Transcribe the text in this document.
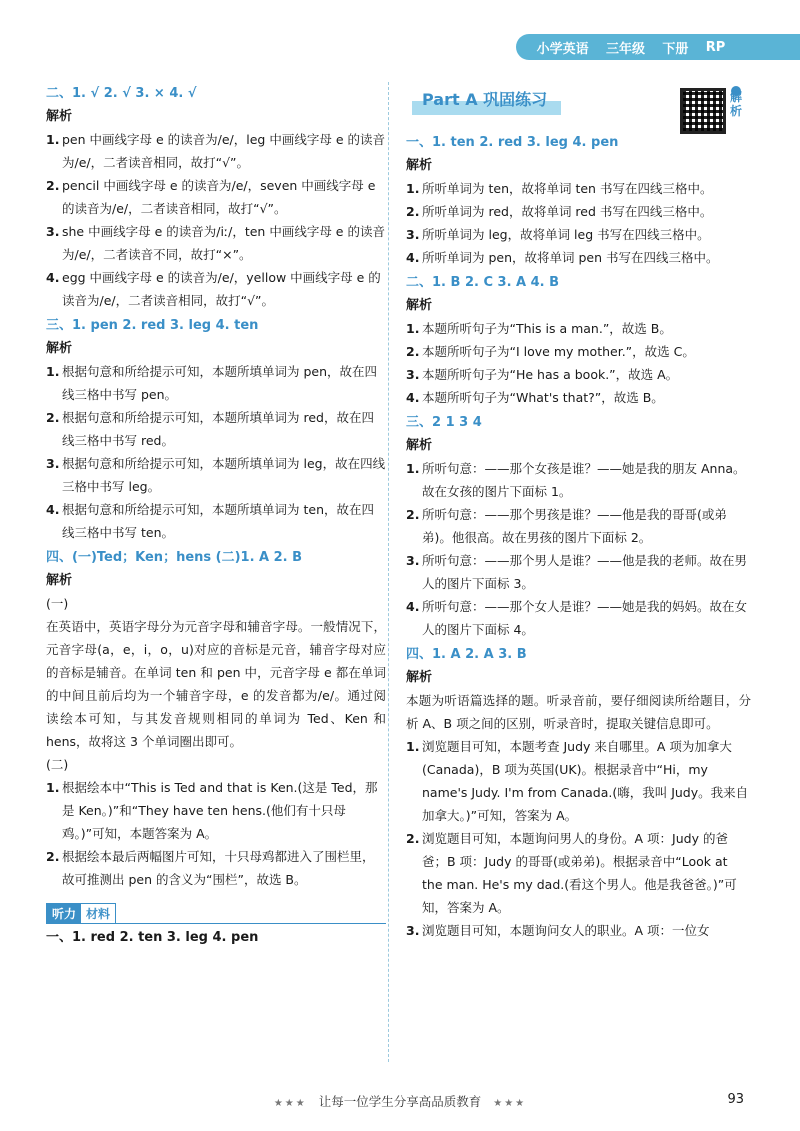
小学英语 三年级 下册 RP
二、1. √ 2. √ 3. × 4. √
解析
1. pen 中画线字母 e 的读音为/e/，leg 中画线字母 e 的读音为/e/，二者读音相同，故打“√”。
2. pencil 中画线字母 e 的读音为/e/，seven 中画线字母 e 的读音为/e/，二者读音相同，故打“√”。
3. she 中画线字母 e 的读音为/iː/，ten 中画线字母 e 的读音为/e/，二者读音不同，故打“×”。
4. egg 中画线字母 e 的读音为/e/，yellow 中画线字母 e 的读音为/e/，二者读音相同，故打“√”。
三、1. pen 2. red 3. leg 4. ten
解析
1. 根据句意和所给提示可知，本题所填单词为 pen，故在四线三格中书写 pen。
2. 根据句意和所给提示可知，本题所填单词为 red，故在四线三格中书写 red。
3. 根据句意和所给提示可知，本题所填单词为 leg，故在四线三格中书写 leg。
4. 根据句意和所给提示可知，本题所填单词为 ten，故在四线三格中书写 ten。
四、(一)Ted；Ken；hens (二)1. A 2. B
解析
(一)
在英语中，英语字母分为元音字母和辅音字母。一般情况下，元音字母(a，e，i，o，u)对应的音标是元音，辅音字母对应的音标是辅音。在单词 ten 和 pen 中，元音字母 e 都在单词的中间且前后均为一个辅音字母，e 的发音都为/e/。通过阅读绘本可知，与其发音规则相同的单词为 Ted、Ken 和 hens，故将这 3 个单词圈出即可。
(二)
1. 根据绘本中“This is Ted and that is Ken.(这是 Ted，那是 Ken。)”和“They have ten hens.(他们有十只母鸡。)”可知，本题答案为 A。
2. 根据绘本最后两幅图片可知，十只母鸡都进入了围栏里，故可推测出 pen 的含义为“围栏”，故选 B。
听力 材料
一、1. red 2. ten 3. leg 4. pen
Part A 巩固练习
一、1. ten 2. red 3. leg 4. pen
解析
1. 所听单词为 ten，故将单词 ten 书写在四线三格中。
2. 所听单词为 red，故将单词 red 书写在四线三格中。
3. 所听单词为 leg，故将单词 leg 书写在四线三格中。
4. 所听单词为 pen，故将单词 pen 书写在四线三格中。
二、1. B 2. C 3. A 4. B
解析
1. 本题所听句子为“This is a man.”，故选 B。
2. 本题所听句子为“I love my mother.”，故选 C。
3. 本题所听句子为“He has a book.”，故选 A。
4. 本题所听句子为“What's that?”，故选 B。
三、2 1 3 4
解析
1. 所听句意：——那个女孩是谁？——她是我的朋友 Anna。故在女孩的图片下面标 1。
2. 所听句意：——那个男孩是谁？——他是我的哥哥(或弟弟)。他很高。故在男孩的图片下面标 2。
3. 所听句意：——那个男人是谁？——他是我的老师。故在男人的图片下面标 3。
4. 所听句意：——那个女人是谁？——她是我的妈妈。故在女人的图片下面标 4。
四、1. A 2. A 3. B
解析
本题为听语篇选择的题。听录音前，要仔细阅读所给题目，分析 A、B 项之间的区别，听录音时，提取关键信息即可。
1. 浏览题目可知，本题考查 Judy 来自哪里。A 项为加拿大(Canada)，B 项为英国(UK)。根据录音中“Hi，my name's Judy. I'm from Canada.(嗨，我叫 Judy。我来自加拿大。)”可知，答案为 A。
2. 浏览题目可知，本题询问男人的身份。A 项：Judy 的爸爸；B 项：Judy 的哥哥(或弟弟)。根据录音中“Look at the man. He's my dad.(看这个男人。他是我爸爸。)”可知，答案为 A。
3. 浏览题目可知，本题询问女人的职业。A 项：一位女
解析
★★★ 让每一位学生分享高品质教育 ★★★	93
